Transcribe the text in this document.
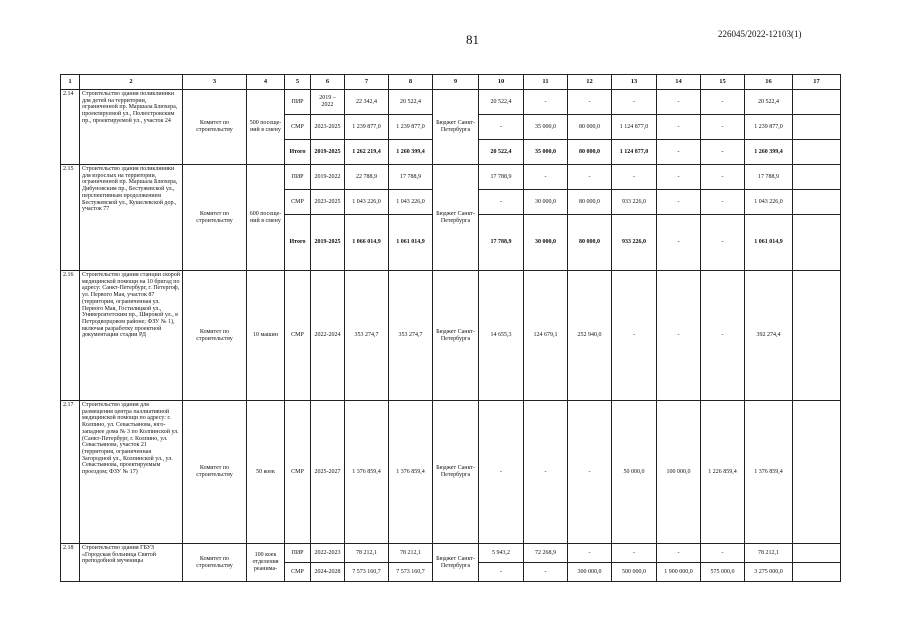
81	226045/2022-12103(1)
1	2	3	4	5	6	7	8	9	10	11	12	13	14	15	16	17
2.14	Строительство здания поликлиники для детей на территории, ограниченной пр. Маршала Блюхера, проектируемой ул., Полюстровским пр., проектируемой ул., участок 24	Комитет по строительству	500 посеще-ний в смену	ПИР	2019 – 2022	22 342,4	20 522,4	Бюджет Санкт-Петербурга	20 522,4	-	-	-	-	-	20 522,4	
				СМР	2023-2025	1 239 877,0	1 239 877,0		-	35 000,0	80 000,0	1 124 877,0	-	-	1 239 877,0	
				Итого	2019-2025	1 262 219,4	1 260 399,4		20 522,4	35 000,0	80 000,0	1 124 877,0	-	-	1 260 399,4	
2.15	Строительство здания поликлиники для взрослых на территории, ограниченной пр. Маршала Блюхера, Дибуновским пр., Бестужевской ул., перспективным продолжением Бестужевской ул., Кушелевской дор., участок 77	Комитет по строительству	600 посеще-ний в смену	ПИР	2019-2022	22 788,9	17 788,9	Бюджет Санкт-Петербурга	17 788,9	-	-	-	-	-	17 788,9	
				СМР	2023-2025	1 043 226,0	1 043 226,0		-	30 000,0	80 000,0	933 226,0	-	-	1 043 226,0	
				Итого	2019-2025	1 066 014,9	1 061 014,9		17 788,9	30 000,0	80 000,0	933 226,0	-	-	1 061 014,9	
2.16	Строительство здания станции скорой медицинской помощи на 10 бригад по адресу: Санкт-Петербург, г. Петергоф, ул. Первого Мая, участок 87 (территория, ограниченная ул. Первого Мая, Гостилицкой ул., Университетским пр., Широкой ул., в Петродворцовом районе; ФЗУ № 1), включая разработку проектной документации стадии РД	Комитет по строительству	10 машин	СМР	2022-2024	353 274,7	353 274,7	Бюджет Санкт-Петербурга	14 655,3	124 679,1	252 940,0	-	-	-	392 274,4	
2.17	Строительство здания для размещения центра паллиативной медицинской помощи по адресу: г. Колпино, ул. Севастьянова, юго-западнее дома № 3 по Колпинской ул. (Санкт-Петербург, г. Колпино, ул. Севастьянова, участок 21 (территория, ограниченная Загородной ул., Колпинской ул., ул. Севастьянова, проектируемым проездом; ФЗУ № 17)	Комитет по строительству	50 коек	СМР	2025-2027	1 376 859,4	1 376 859,4	Бюджет Санкт-Петербурга	-	-	-	50 000,0	100 000,0	1 226 859,4	1 376 859,4	
2.18	Строительство здания ГБУЗ «Городская больница Святой преподобной мученицы	Комитет по строительству	100 коек отделения реанима-	ПИР	2022-2023	78 212,1	78 212,1	Бюджет Санкт-Петербурга	5 943,2	72 268,9	-	-	-	-	78 212,1	
				СМР	2024-2028	7 573 160,7	7 573 160,7		-	-	300 000,0	500 000,0	1 900 000,0	575 000,0	3 275 000,0	
